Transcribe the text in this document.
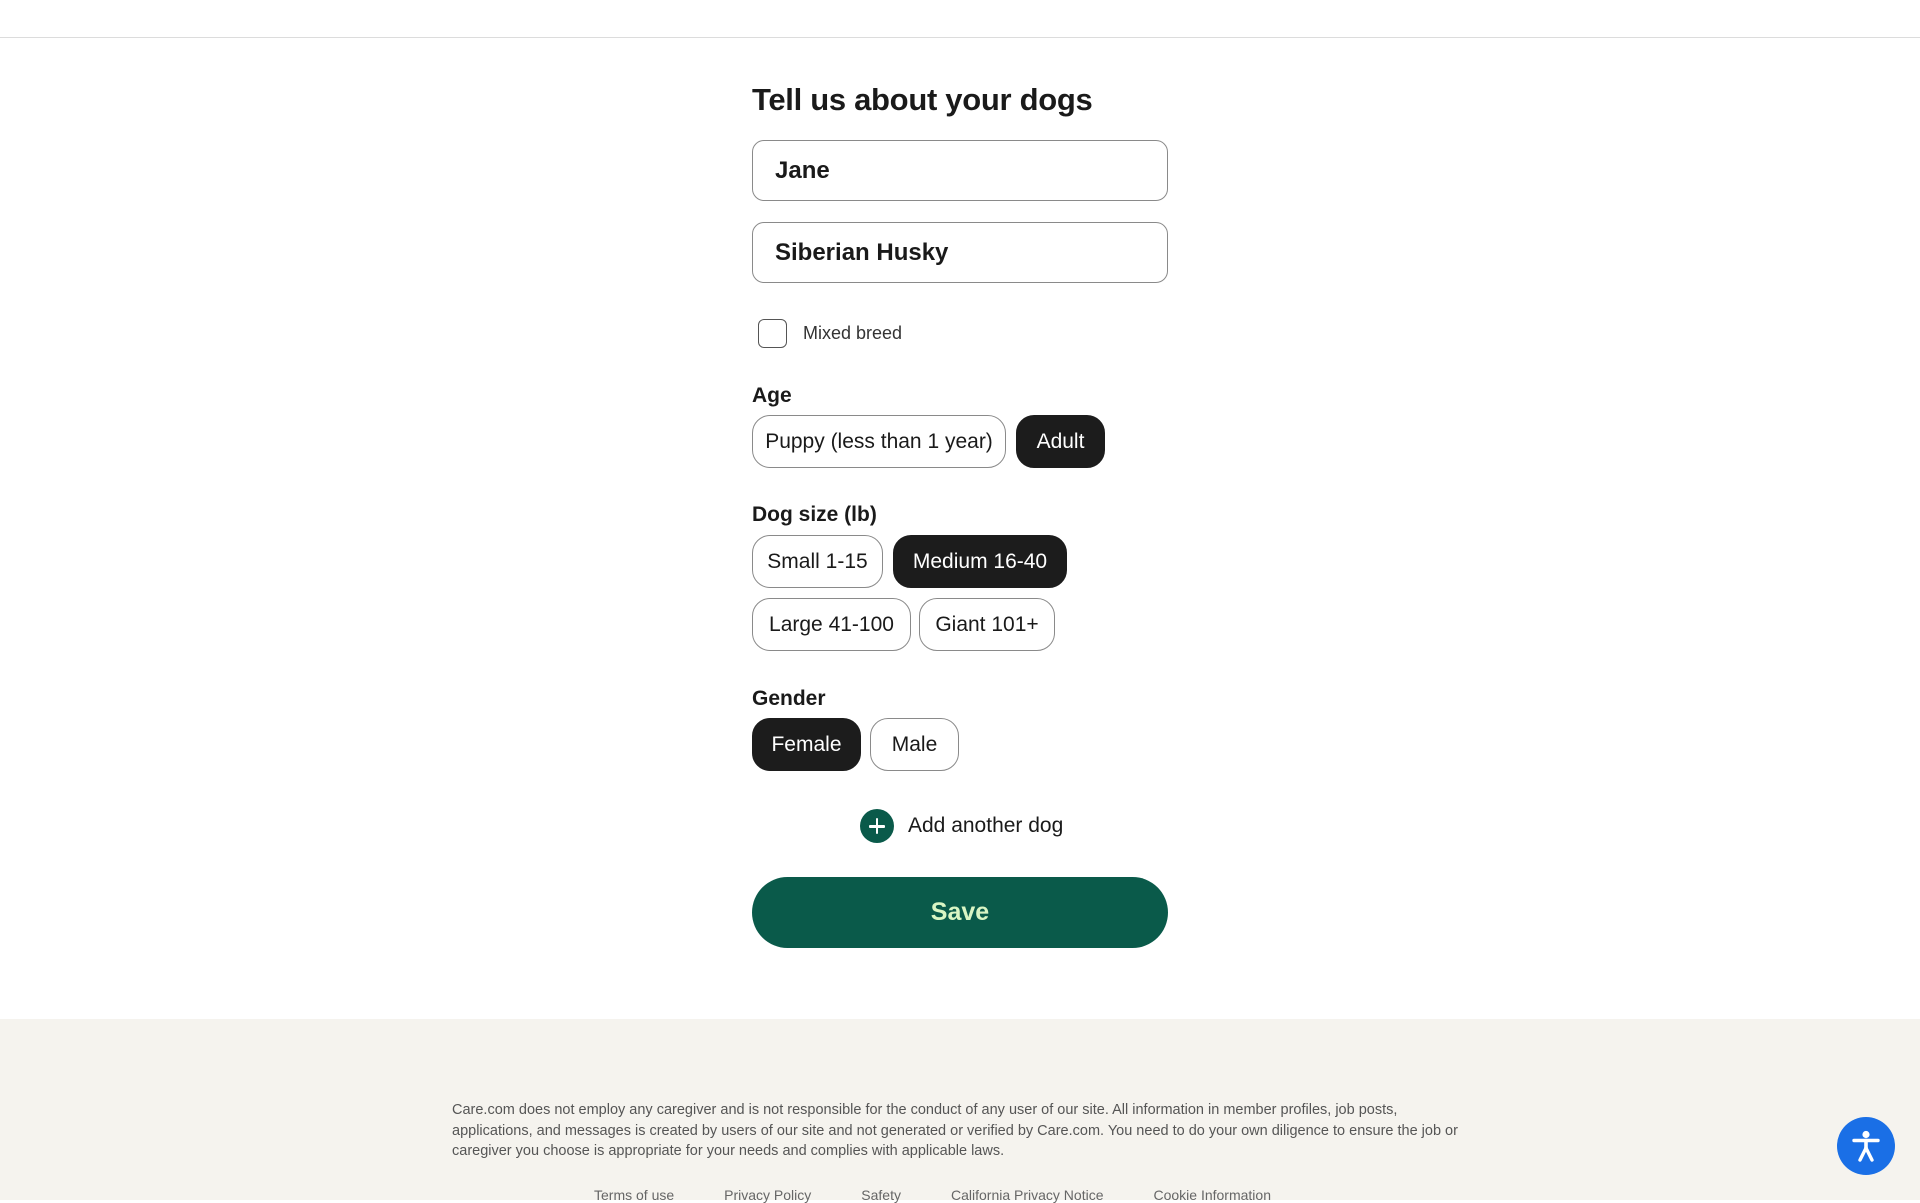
Tell us about your dogs
Jane
Siberian Husky
Mixed breed
Age
Puppy (less than 1 year)	Adult
Dog size (lb)
Small 1-15	Medium 16-40
Large 41-100	Giant 101+
Gender
Female	Male
Add another dog
Save

Care.com does not employ any caregiver and is not responsible for the conduct of any user of our site. All information in member profiles, job posts, applications, and messages is created by users of our site and not generated or verified by Care.com. You need to do your own diligence to ensure the job or caregiver you choose is appropriate for your needs and complies with applicable laws.

Terms of use	Privacy Policy	Safety	California Privacy Notice	Cookie Information
